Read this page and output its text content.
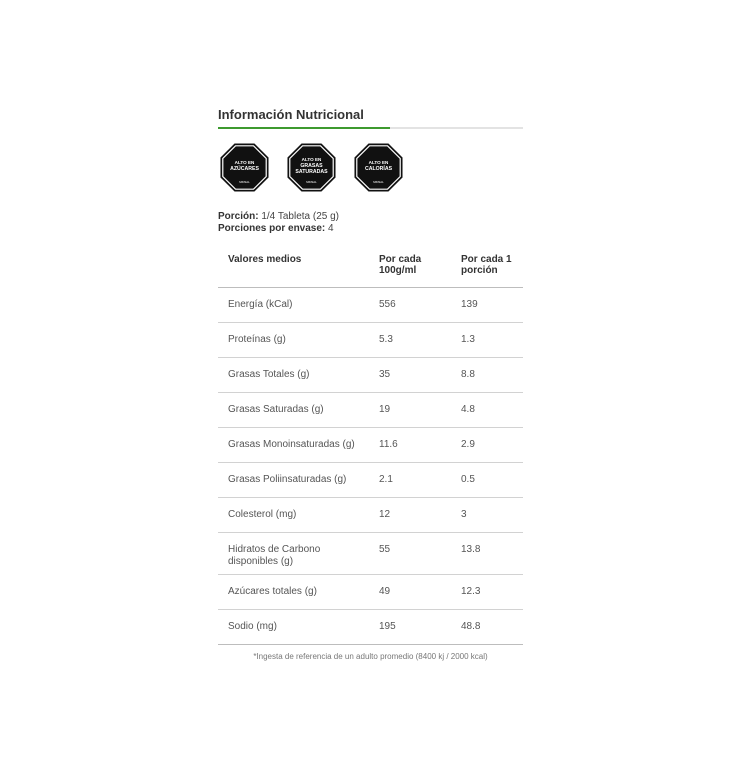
Información Nutricional
ALTO EN
AZÚCARES
MINSAL
ALTO EN
GRASAS
SATURADAS
MINSAL
ALTO EN
CALORÍAS
MINSAL
Porción: 1/4 Tableta (25 g)
Porciones por envase: 4
Valores medios	Por cada 100g/ml	Por cada 1 porción
Energía (kCal)	556	139
Proteínas (g)	5.3	1.3
Grasas Totales (g)	35	8.8
Grasas Saturadas (g)	19	4.8
Grasas Monoinsaturadas (g)	11.6	2.9
Grasas Poliinsaturadas (g)	2.1	0.5
Colesterol (mg)	12	3
Hidratos de Carbono disponibles (g)	55	13.8
Azúcares totales (g)	49	12.3
Sodio (mg)	195	48.8
*Ingesta de referencia de un adulto promedio (8400 kj / 2000 kcal)
